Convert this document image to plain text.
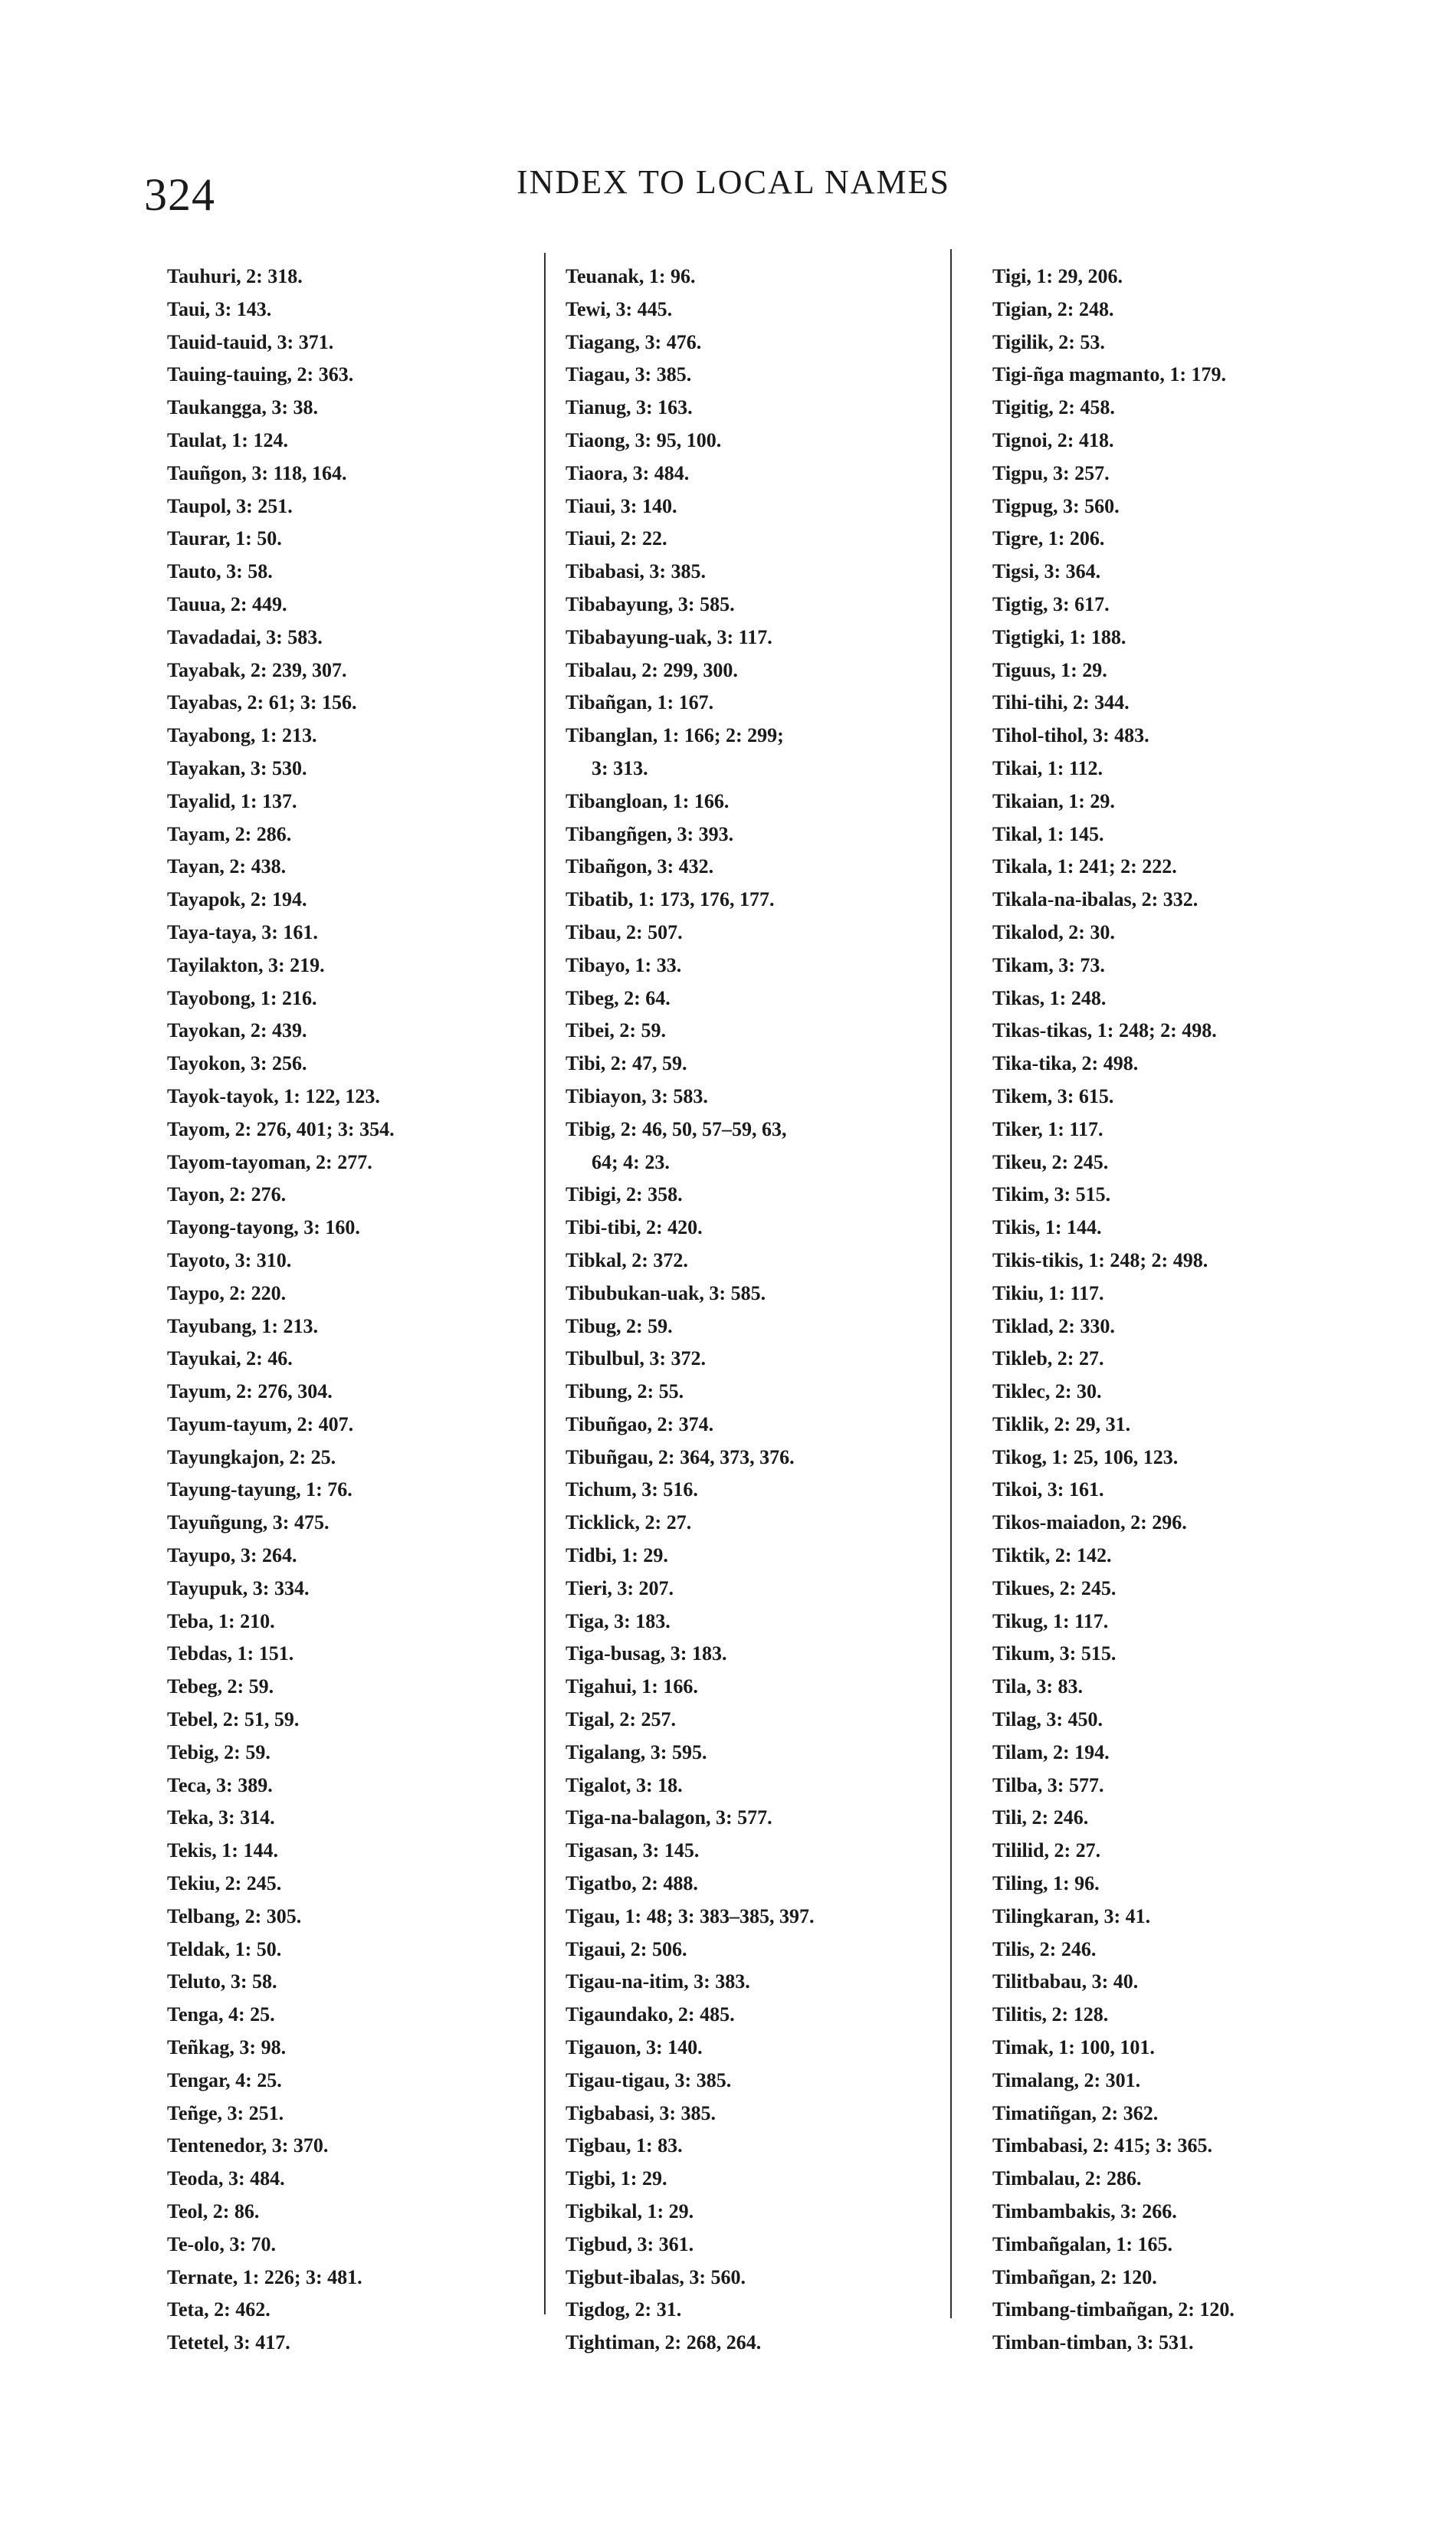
324	INDEX TO LOCAL NAMES
Tauhuri, 2: 318.
Taui, 3: 143.
Tauid-tauid, 3: 371.
Tauing-tauing, 2: 363.
Taukangga, 3: 38.
Taulat, 1: 124.
Tauñgon, 3: 118, 164.
Taupol, 3: 251.
Taurar, 1: 50.
Tauto, 3: 58.
Tauua, 2: 449.
Tavadadai, 3: 583.
Tayabak, 2: 239, 307.
Tayabas, 2: 61; 3: 156.
Tayabong, 1: 213.
Tayakan, 3: 530.
Tayalid, 1: 137.
Tayam, 2: 286.
Tayan, 2: 438.
Tayapok, 2: 194.
Taya-taya, 3: 161.
Tayilakton, 3: 219.
Tayobong, 1: 216.
Tayokan, 2: 439.
Tayokon, 3: 256.
Tayok-tayok, 1: 122, 123.
Tayom, 2: 276, 401; 3: 354.
Tayom-tayoman, 2: 277.
Tayon, 2: 276.
Tayong-tayong, 3: 160.
Tayoto, 3: 310.
Taypo, 2: 220.
Tayubang, 1: 213.
Tayukai, 2: 46.
Tayum, 2: 276, 304.
Tayum-tayum, 2: 407.
Tayungkajon, 2: 25.
Tayung-tayung, 1: 76.
Tayuñgung, 3: 475.
Tayupo, 3: 264.
Tayupuk, 3: 334.
Teba, 1: 210.
Tebdas, 1: 151.
Tebeg, 2: 59.
Tebel, 2: 51, 59.
Tebig, 2: 59.
Teca, 3: 389.
Teka, 3: 314.
Tekis, 1: 144.
Tekiu, 2: 245.
Telbang, 2: 305.
Teldak, 1: 50.
Teluto, 3: 58.
Tenga, 4: 25.
Teñkag, 3: 98.
Tengar, 4: 25.
Teñge, 3: 251.
Tentenedor, 3: 370.
Teoda, 3: 484.
Teol, 2: 86.
Te-olo, 3: 70.
Ternate, 1: 226; 3: 481.
Teta, 2: 462.
Tetetel, 3: 417.
Teuanak, 1: 96.
Tewi, 3: 445.
Tiagang, 3: 476.
Tiagau, 3: 385.
Tianug, 3: 163.
Tiaong, 3: 95, 100.
Tiaora, 3: 484.
Tiaui, 3: 140.
Tiaui, 2: 22.
Tibabasi, 3: 385.
Tibabayung, 3: 585.
Tibabayung-uak, 3: 117.
Tibalau, 2: 299, 300.
Tibañgan, 1: 167.
Tibanglan, 1: 166; 2: 299;
3: 313.
Tibangloan, 1: 166.
Tibangñgen, 3: 393.
Tibañgon, 3: 432.
Tibatib, 1: 173, 176, 177.
Tibau, 2: 507.
Tibayo, 1: 33.
Tibeg, 2: 64.
Tibei, 2: 59.
Tibi, 2: 47, 59.
Tibiayon, 3: 583.
Tibig, 2: 46, 50, 57–59, 63,
64; 4: 23.
Tibigi, 2: 358.
Tibi-tibi, 2: 420.
Tibkal, 2: 372.
Tibubukan-uak, 3: 585.
Tibug, 2: 59.
Tibulbul, 3: 372.
Tibung, 2: 55.
Tibuñgao, 2: 374.
Tibuñgau, 2: 364, 373, 376.
Tichum, 3: 516.
Ticklick, 2: 27.
Tidbi, 1: 29.
Tieri, 3: 207.
Tiga, 3: 183.
Tiga-busag, 3: 183.
Tigahui, 1: 166.
Tigal, 2: 257.
Tigalang, 3: 595.
Tigalot, 3: 18.
Tiga-na-balagon, 3: 577.
Tigasan, 3: 145.
Tigatbo, 2: 488.
Tigau, 1: 48; 3: 383–385, 397.
Tigaui, 2: 506.
Tigau-na-itim, 3: 383.
Tigaundako, 2: 485.
Tigauon, 3: 140.
Tigau-tigau, 3: 385.
Tigbabasi, 3: 385.
Tigbau, 1: 83.
Tigbi, 1: 29.
Tigbikal, 1: 29.
Tigbud, 3: 361.
Tigbut-ibalas, 3: 560.
Tigdog, 2: 31.
Tightiman, 2: 268, 264.
Tigi, 1: 29, 206.
Tigian, 2: 248.
Tigilik, 2: 53.
Tigi-ñga magmanto, 1: 179.
Tigitig, 2: 458.
Tignoi, 2: 418.
Tigpu, 3: 257.
Tigpug, 3: 560.
Tigre, 1: 206.
Tigsi, 3: 364.
Tigtig, 3: 617.
Tigtigki, 1: 188.
Tiguus, 1: 29.
Tihi-tihi, 2: 344.
Tihol-tihol, 3: 483.
Tikai, 1: 112.
Tikaian, 1: 29.
Tikal, 1: 145.
Tikala, 1: 241; 2: 222.
Tikala-na-ibalas, 2: 332.
Tikalod, 2: 30.
Tikam, 3: 73.
Tikas, 1: 248.
Tikas-tikas, 1: 248; 2: 498.
Tika-tika, 2: 498.
Tikem, 3: 615.
Tiker, 1: 117.
Tikeu, 2: 245.
Tikim, 3: 515.
Tikis, 1: 144.
Tikis-tikis, 1: 248; 2: 498.
Tikiu, 1: 117.
Tiklad, 2: 330.
Tikleb, 2: 27.
Tiklec, 2: 30.
Tiklik, 2: 29, 31.
Tikog, 1: 25, 106, 123.
Tikoi, 3: 161.
Tikos-maiadon, 2: 296.
Tiktik, 2: 142.
Tikues, 2: 245.
Tikug, 1: 117.
Tikum, 3: 515.
Tila, 3: 83.
Tilag, 3: 450.
Tilam, 2: 194.
Tilba, 3: 577.
Tili, 2: 246.
Tililid, 2: 27.
Tiling, 1: 96.
Tilingkaran, 3: 41.
Tilis, 2: 246.
Tilitbabau, 3: 40.
Tilitis, 2: 128.
Timak, 1: 100, 101.
Timalang, 2: 301.
Timatiñgan, 2: 362.
Timbabasi, 2: 415; 3: 365.
Timbalau, 2: 286.
Timbambakis, 3: 266.
Timbañgalan, 1: 165.
Timbañgan, 2: 120.
Timbang-timbañgan, 2: 120.
Timban-timban, 3: 531.
